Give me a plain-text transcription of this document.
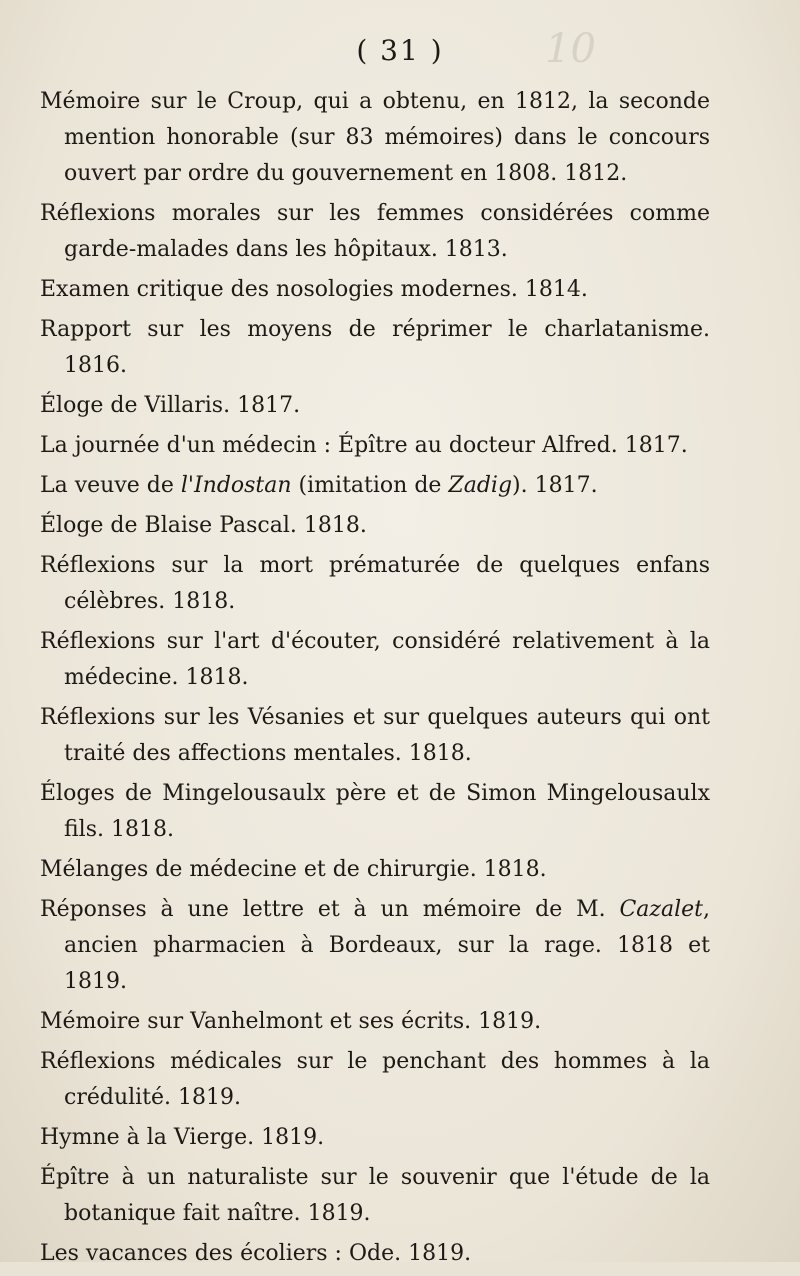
10
( 31 )
Mémoire sur le Croup, qui a obtenu, en 1812, la seconde mention honorable (sur 83 mémoires) dans le concours ouvert par ordre du gouvernement en 1808. 1812.
Réflexions morales sur les femmes considérées comme garde-malades dans les hôpitaux. 1813.
Examen critique des nosologies modernes. 1814.
Rapport sur les moyens de réprimer le charlatanisme. 1816.
Éloge de Villaris. 1817.
La journée d'un médecin : Épître au docteur Alfred. 1817.
La veuve de l'Indostan (imitation de Zadig). 1817.
Éloge de Blaise Pascal. 1818.
Réflexions sur la mort prématurée de quelques enfans célèbres. 1818.
Réflexions sur l'art d'écouter, considéré relativement à la médecine. 1818.
Réflexions sur les Vésanies et sur quelques auteurs qui ont traité des affections mentales. 1818.
Éloges de Mingelousaulx père et de Simon Mingelousaulx fils. 1818.
Mélanges de médecine et de chirurgie. 1818.
Réponses à une lettre et à un mémoire de M. Cazalet, ancien pharmacien à Bordeaux, sur la rage. 1818 et 1819.
Mémoire sur Vanhelmont et ses écrits. 1819.
Réflexions médicales sur le penchant des hommes à la crédulité. 1819.
Hymne à la Vierge. 1819.
Épître à un naturaliste sur le souvenir que l'étude de la botanique fait naître. 1819.
Les vacances des écoliers : Ode. 1819.
